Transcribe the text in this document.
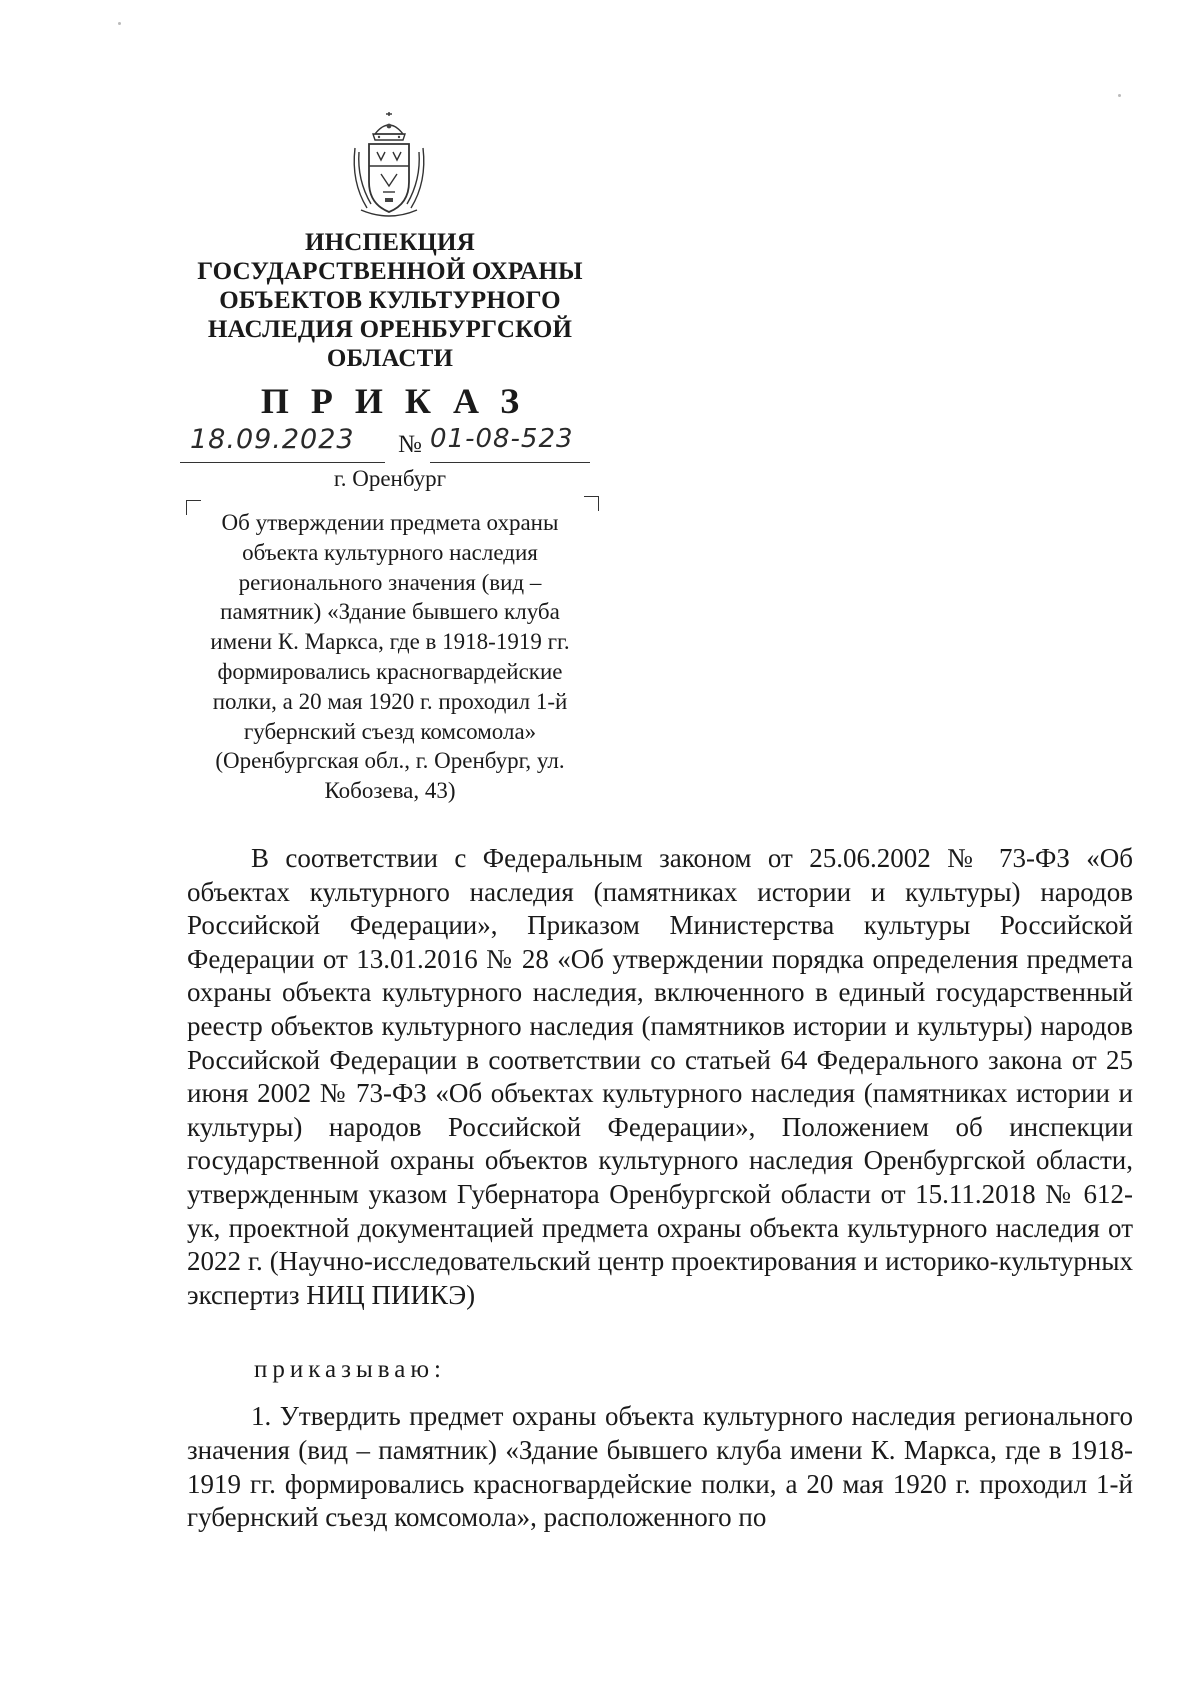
ИНСПЕКЦИЯ
ГОСУДАРСТВЕННОЙ ОХРАНЫ
ОБЪЕКТОВ КУЛЬТУРНОГО
НАСЛЕДИЯ ОРЕНБУРГСКОЙ
ОБЛАСТИ
ПРИКАЗ
18.09.2023	№ 01-08-523
г. Оренбург
Об утверждении предмета охраны
объекта культурного наследия
регионального значения (вид –
памятник) «Здание бывшего клуба
имени К. Маркса, где в 1918-1919 гг.
формировались красногвардейские
полки, а 20 мая 1920 г. проходил 1-й
губернский съезд комсомола»
(Оренбургская обл., г. Оренбург, ул.
Кобозева, 43)

В соответствии с Федеральным законом от 25.06.2002 № 73-ФЗ «Об объектах культурного наследия (памятниках истории и культуры) народов Российской Федерации», Приказом Министерства культуры Российской Федерации от 13.01.2016 № 28 «Об утверждении порядка определения предмета охраны объекта культурного наследия, включенного в единый государственный реестр объектов культурного наследия (памятников истории и культуры) народов Российской Федерации в соответствии со статьей 64 Федерального закона от 25 июня 2002 № 73-ФЗ «Об объектах культурного наследия (памятниках истории и культуры) народов Российской Федерации», Положением об инспекции государственной охраны объектов культурного наследия Оренбургской области, утвержденным указом Губернатора Оренбургской области от 15.11.2018 № 612-ук, проектной документацией предмета охраны объекта культурного наследия от 2022 г. (Научно-исследовательский центр проектирования и историко-культурных экспертиз НИЦ ПИИКЭ)

приказываю:

1. Утвердить предмет охраны объекта культурного наследия регионального значения (вид – памятник) «Здание бывшего клуба имени К. Маркса, где в 1918-1919 гг. формировались красногвардейские полки, а 20 мая 1920 г. проходил 1-й губернский съезд комсомола», расположенного по
